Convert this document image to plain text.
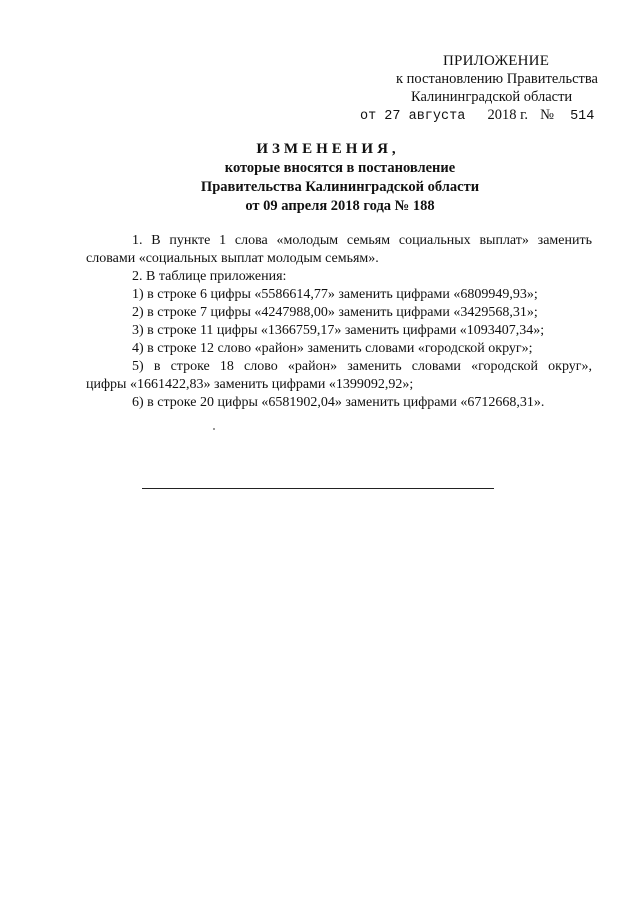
ПРИЛОЖЕНИЕ
к постановлению Правительства
Калининградской области
от 27 августа 2018 г. № 514
ИЗМЕНЕНИЯ,
которые вносятся в постановление
Правительства Калининградской области
от 09 апреля 2018 года № 188
1. В пункте 1 слова «молодым семьям социальных выплат» заменить
словами «социальных выплат молодым семьям».
2. В таблице приложения:
1) в строке 6 цифры «5586614,77» заменить цифрами «6809949,93»;
2) в строке 7 цифры «4247988,00» заменить цифрами «3429568,31»;
3) в строке 11 цифры «1366759,17» заменить цифрами «1093407,34»;
4) в строке 12 слово «район» заменить словами «городской округ»;
5) в строке 18 слово «район» заменить словами «городской округ»,
цифры «1661422,83» заменить цифрами «1399092,92»;
6) в строке 20 цифры «6581902,04» заменить цифрами «6712668,31».
